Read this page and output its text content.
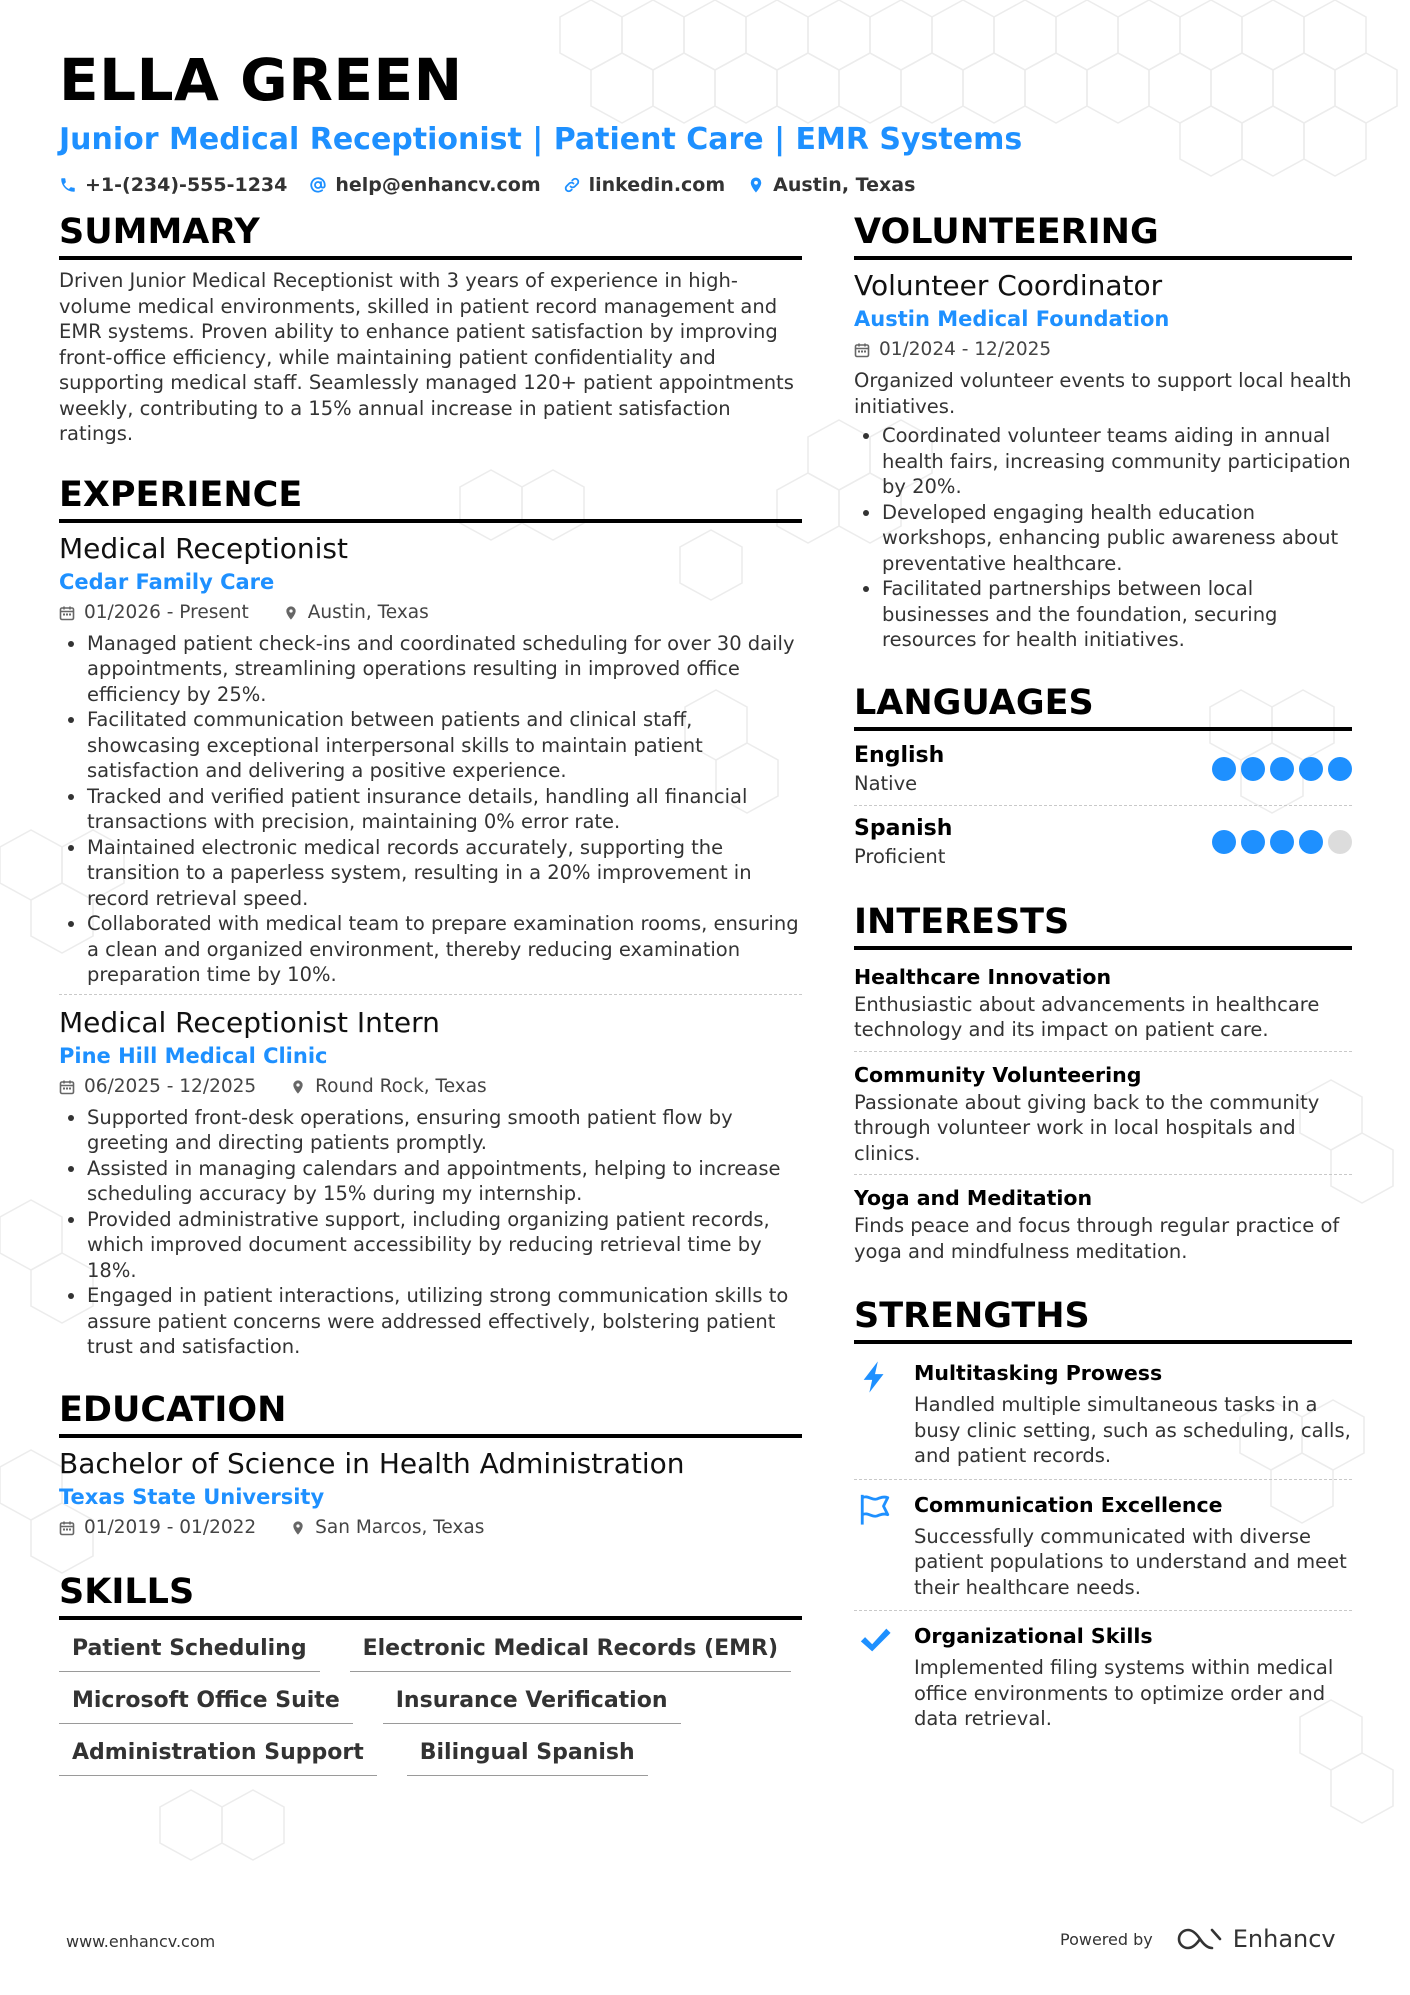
ELLA GREEN
Junior Medical Receptionist | Patient Care | EMR Systems
+1-(234)-555-1234	help@enhancv.com	linkedin.com	Austin, Texas
SUMMARY

Driven Junior Medical Receptionist with 3 years of experience in high-volume medical environments, skilled in patient record management and EMR systems. Proven ability to enhance patient satisfaction by improving front-office efficiency, while maintaining patient confidentiality and supporting medical staff. Seamlessly managed 120+ patient appointments weekly, contributing to a 15% annual increase in patient satisfaction ratings.

EXPERIENCE
Medical Receptionist
Cedar Family Care
01/2026 - Present	Austin, Texas
• Managed patient check-ins and coordinated scheduling for over 30 daily appointments, streamlining operations resulting in improved office efficiency by 25%.
• Facilitated communication between patients and clinical staff, showcasing exceptional interpersonal skills to maintain patient satisfaction and delivering a positive experience.
• Tracked and verified patient insurance details, handling all financial transactions with precision, maintaining 0% error rate.
• Maintained electronic medical records accurately, supporting the transition to a paperless system, resulting in a 20% improvement in record retrieval speed.
• Collaborated with medical team to prepare examination rooms, ensuring a clean and organized environment, thereby reducing examination preparation time by 10%.
Medical Receptionist Intern
Pine Hill Medical Clinic
06/2025 - 12/2025	Round Rock, Texas
• Supported front-desk operations, ensuring smooth patient flow by greeting and directing patients promptly.
• Assisted in managing calendars and appointments, helping to increase scheduling accuracy by 15% during my internship.
• Provided administrative support, including organizing patient records, which improved document accessibility by reducing retrieval time by 18%.
• Engaged in patient interactions, utilizing strong communication skills to assure patient concerns were addressed effectively, bolstering patient trust and satisfaction.
EDUCATION
Bachelor of Science in Health Administration
Texas State University
01/2019 - 01/2022	San Marcos, Texas
SKILLS
Patient Scheduling	Electronic Medical Records (EMR)
Microsoft Office Suite	Insurance Verification
Administration Support	Bilingual Spanish
VOLUNTEERING
Volunteer Coordinator
Austin Medical Foundation
01/2024 - 12/2025
Organized volunteer events to support local health initiatives.
• Coordinated volunteer teams aiding in annual health fairs, increasing community participation by 20%.
• Developed engaging health education workshops, enhancing public awareness about preventative healthcare.
• Facilitated partnerships between local businesses and the foundation, securing resources for health initiatives.
LANGUAGES
English
Native
Spanish
Proficient
INTERESTS
Healthcare Innovation
Enthusiastic about advancements in healthcare technology and its impact on patient care.
Community Volunteering
Passionate about giving back to the community through volunteer work in local hospitals and clinics.
Yoga and Meditation
Finds peace and focus through regular practice of yoga and mindfulness meditation.
STRENGTHS
Multitasking Prowess
Handled multiple simultaneous tasks in a busy clinic setting, such as scheduling, calls, and patient records.
Communication Excellence
Successfully communicated with diverse patient populations to understand and meet their healthcare needs.
Organizational Skills
Implemented filing systems within medical office environments to optimize order and data retrieval.
www.enhancv.com	Powered by	Enhancv
